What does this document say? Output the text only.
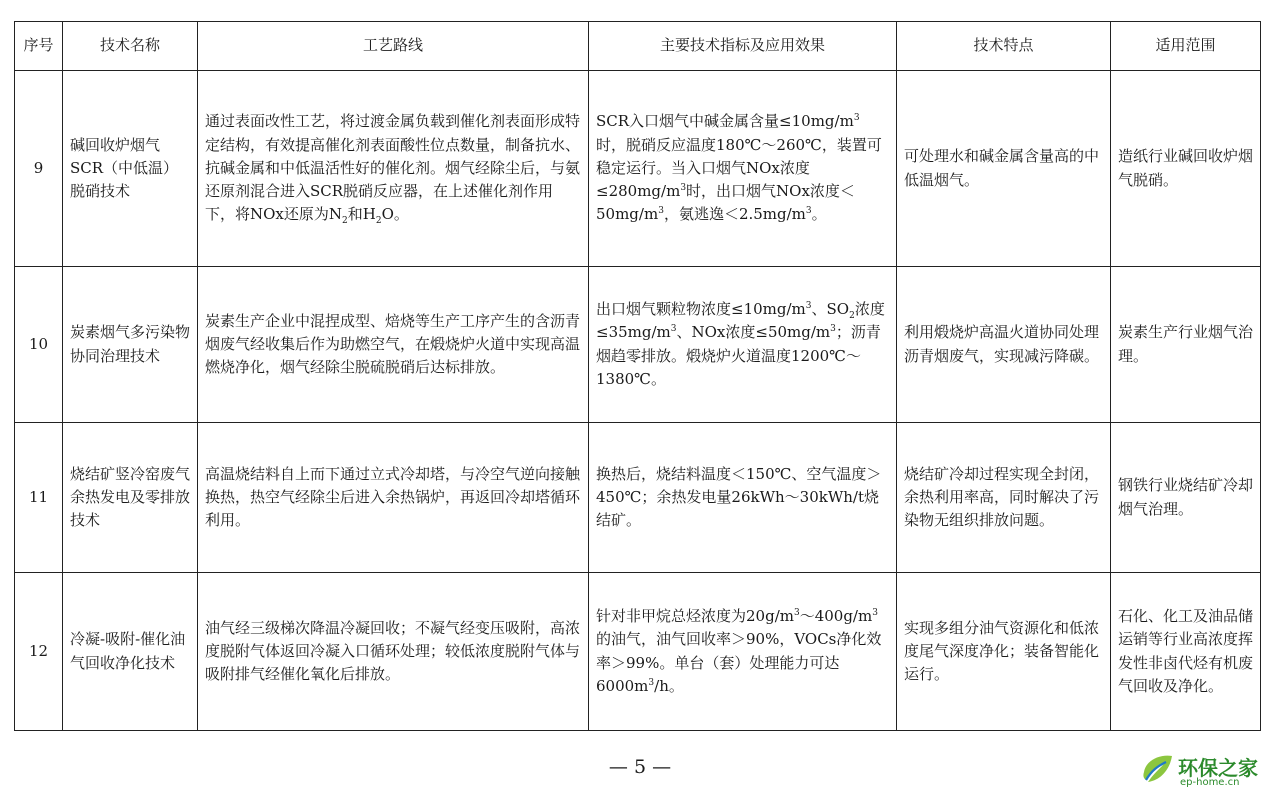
序号	技术名称	工艺路线	主要技术指标及应用效果	技术特点	适用范围
9	碱回收炉烟气SCR（中低温）脱硝技术	通过表面改性工艺，将过渡金属负载到催化剂表面形成特定结构，有效提高催化剂表面酸性位点数量，制备抗水、抗碱金属和中低温活性好的催化剂。烟气经除尘后，与氨还原剂混合进入SCR脱硝反应器，在上述催化剂作用下，将NOx还原为$N_2$和$H_2O$。	SCR入口烟气中碱金属含量$\le 10mg/m^3$时，脱硝反应温度180℃～260℃，装置可稳定运行。当入口烟气NOx浓度$\le 280mg/m^3$时，出口烟气NOx浓度$<50mg/m^3$，氨逃逸$<2.5mg/m^3$。	可处理水和碱金属含量高的中低温烟气。	造纸行业碱回收炉烟气脱硝。
10	炭素烟气多污染物协同治理技术	炭素生产企业中混捏成型、焙烧等生产工序产生的含沥青烟废气经收集后作为助燃空气，在煅烧炉火道中实现高温燃烧净化，烟气经除尘脱硫脱硝后达标排放。	出口烟气颗粒物浓度$\le 10mg/m^3$、$SO_2$浓度$\le 35mg/m^3$、NOx浓度$\le 50mg/m^3$；沥青烟趋零排放。煅烧炉火道温度1200℃～1380℃。	利用煅烧炉高温火道协同处理沥青烟废气，实现减污降碳。	炭素生产行业烟气治理。
11	烧结矿竖冷窑废气余热发电及零排放技术	高温烧结料自上而下通过立式冷却塔，与冷空气逆向接触换热，热空气经除尘后进入余热锅炉，再返回冷却塔循环利用。	换热后，烧结料温度＜150℃、空气温度＞450℃；余热发电量26kWh～30kWh/t烧结矿。	烧结矿冷却过程实现全封闭，余热利用率高，同时解决了污染物无组织排放问题。	钢铁行业烧结矿冷却烟气治理。
12	冷凝-吸附-催化油气回收净化技术	油气经三级梯次降温冷凝回收；不凝气经变压吸附，高浓度脱附气体返回冷凝入口循环处理；较低浓度脱附气体与吸附排气经催化氧化后排放。	针对非甲烷总烃浓度为$20g/m^3\sim 400g/m^3$的油气，油气回收率＞90%，VOCs净化效率＞99%。单台（套）处理能力可达$6000m^3/h$。	实现多组分油气资源化和低浓度尾气深度净化；装备智能化运行。	石化、化工及油品储运销等行业高浓度挥发性非卤代烃有机废气回收及净化。
— 5 —	环保之家
ep-home.cn
